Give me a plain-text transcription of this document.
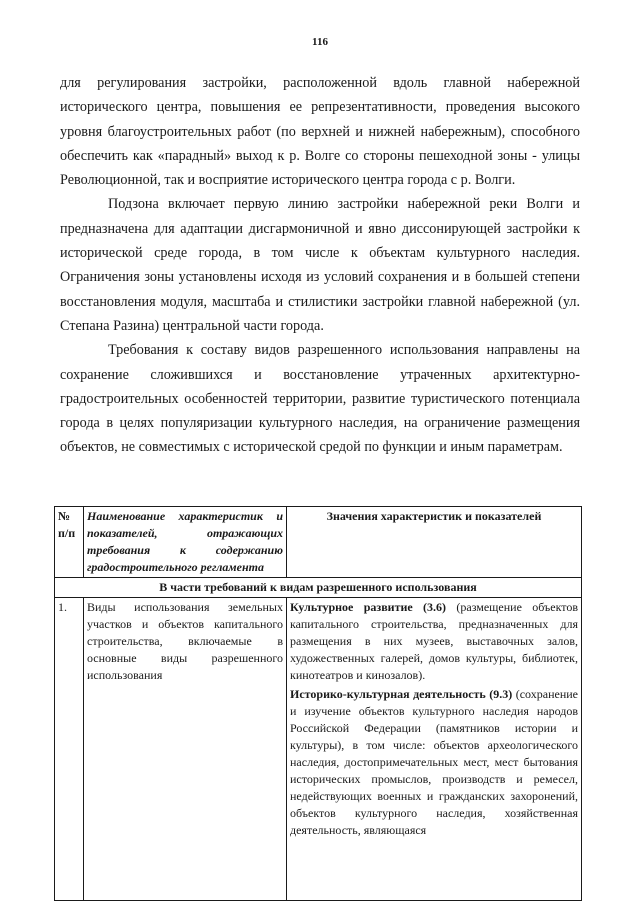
116

для регулирования застройки, расположенной вдоль главной набережной исторического центра, повышения ее репрезентативности, проведения высокого уровня благоустроительных работ (по верхней и нижней набережным), способного обеспечить как «парадный» выход к р. Волге со стороны пешеходной зоны - улицы Революционной, так и восприятие исторического центра города с р. Волги.

Подзона включает первую линию застройки набережной реки Волги и предназначена для адаптации дисгармоничной и явно диссонирующей застройки к исторической среде города, в том числе к объектам культурного наследия. Ограничения зоны установлены исходя из условий сохранения и в большей степени восстановления модуля, масштаба и стилистики застройки главной набережной (ул. Степана Разина) центральной части города.

Требования к составу видов разрешенного использования направлены на сохранение сложившихся и восстановление утраченных архитектурно-градостроительных особенностей территории, развитие туристического потенциала города в целях популяризации культурного наследия, на ограничение размещения объектов, не совместимых с исторической средой по функции и иным параметрам.

№ п/п	Наименование характеристик и показателей, отражающих требования к содержанию градостроительного регламента	Значения характеристик и показателей
В части требований к видам разрешенного использования		
1.	Виды использования земельных участков и объектов капитального строительства, включаемые в основные виды разрешенного использования	Культурное развитие (3.6) (размещение объектов капитального строительства, предназначенных для размещения в них музеев, выставочных залов, художественных галерей, домов культуры, библиотек, кинотеатров и кинозалов).

Историко-культурная деятельность (9.3) (сохранение и изучение объектов культурного наследия народов Российской Федерации (памятников истории и культуры), в том числе: объектов археологического наследия, достопримечательных мест, мест бытования исторических промыслов, производств и ремесел, недействующих военных и гражданских захоронений, объектов культурного наследия, хозяйственная деятельность, являющаяся
